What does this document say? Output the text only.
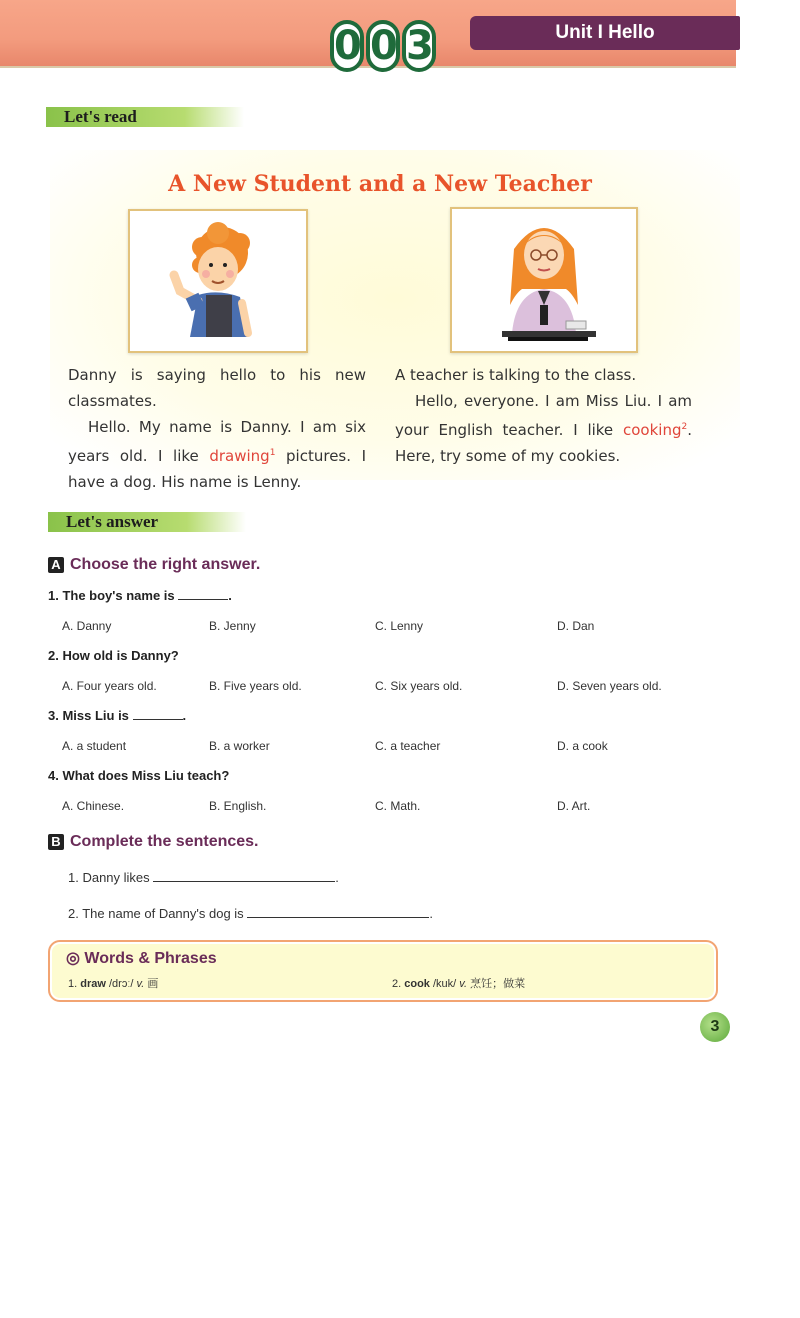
0 0 3	Unit I Hello
Let's read
A New Student and a New Teacher

Danny is saying hello to his new classmates.

Hello. My name is Danny. I am six years old. I like drawing$^1$ pictures. I have a dog. His name is Lenny.

A teacher is talking to the class.

Hello, everyone. I am Miss Liu. I am your English teacher. I like cooking$^2$. Here, try some of my cookies.

Let's answer
A Choose the right answer.
1. The boy's name is	.
A. Danny	B. Jenny	C. Lenny	D. Dan
2. How old is Danny?
A. Four years old.	B. Five years old.	C. Six years old.	D. Seven years old.
3. Miss Liu is	.
A. a student	B. a worker	C. a teacher	D. a cook
4. What does Miss Liu teach?
A. Chinese.	B. English.	C. Math.	D. Art.
B Complete the sentences.
1. Danny likes	.
2. The name of Danny's dog is	.
◎ Words & Phrases
1. draw /drɔː/ v. 画	2. cook /kuk/ v. 烹饪；做菜
3
